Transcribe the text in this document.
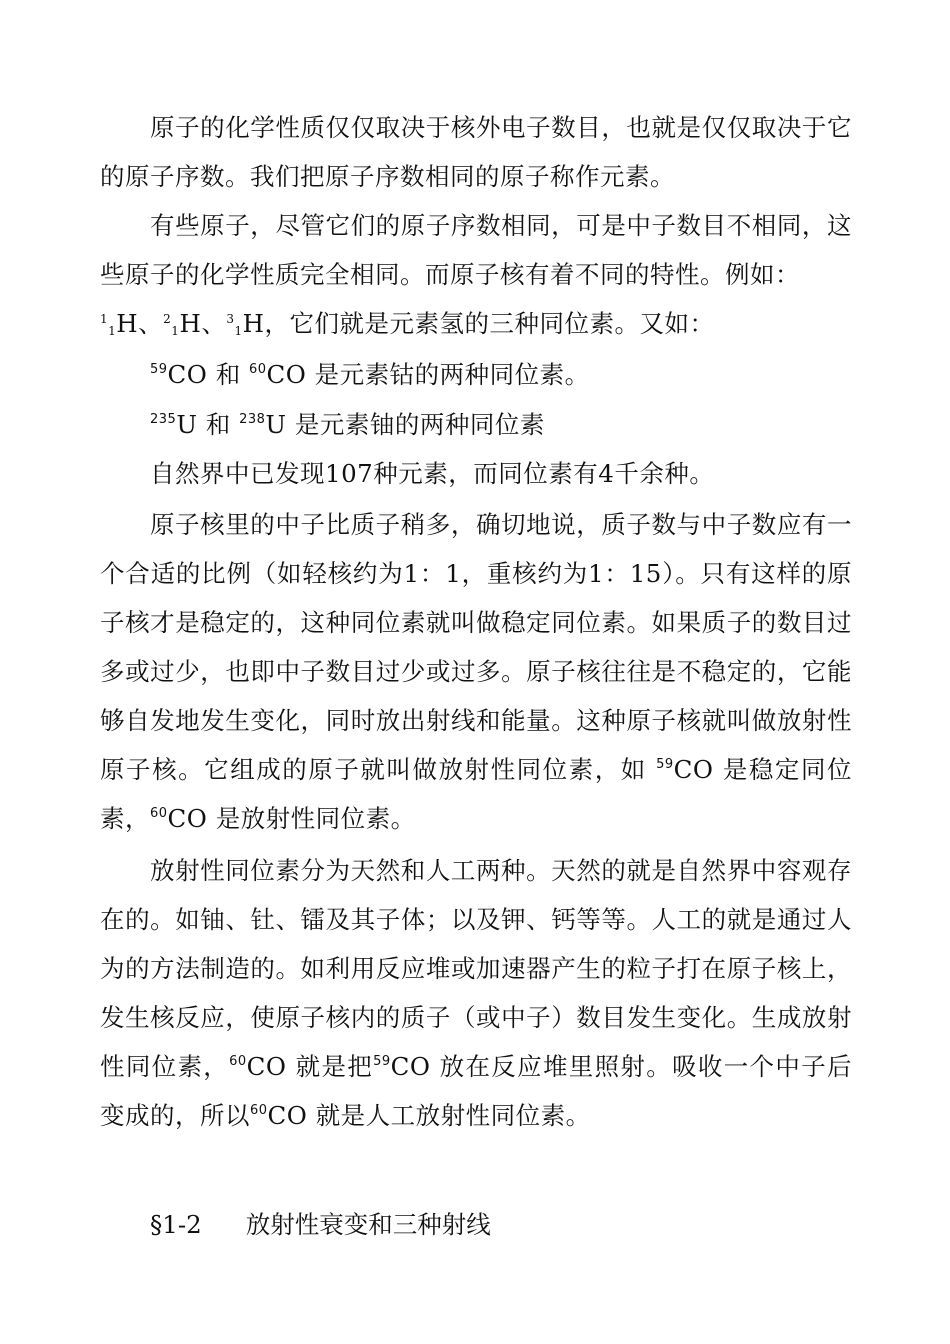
原子的化学性质仅仅取决于核外电子数目，也就是仅仅取决于它的原子序数。我们把原子序数相同的原子称作元素。

有些原子，尽管它们的原子序数相同，可是中子数目不相同，这些原子的化学性质完全相同。而原子核有着不同的特性。例如：

$^1_1$H、$^2_1$H、$^3_1$H，它们就是元素氢的三种同位素。又如：

$^{59}$CO 和 $^{60}$CO 是元素钴的两种同位素。

$^{235}$U 和 $^{238}$U 是元素铀的两种同位素

自然界中已发现107种元素，而同位素有4千余种。

原子核里的中子比质子稍多，确切地说，质子数与中子数应有一个合适的比例（如轻核约为1：1，重核约为1：15）。只有这样的原子核才是稳定的，这种同位素就叫做稳定同位素。如果质子的数目过多或过少，也即中子数目过少或过多。原子核往往是不稳定的，它能够自发地发生变化，同时放出射线和能量。这种原子核就叫做放射性原子核。它组成的原子就叫做放射性同位素，如 $^{59}$CO 是稳定同位素，$^{60}$CO 是放射性同位素。

放射性同位素分为天然和人工两种。天然的就是自然界中容观存在的。如铀、钍、镭及其子体；以及钾、钙等等。人工的就是通过人为的方法制造的。如利用反应堆或加速器产生的粒子打在原子核上，发生核反应，使原子核内的质子（或中子）数目发生变化。生成放射性同位素，$^{60}$CO 就是把$^{59}$CO 放在反应堆里照射。吸收一个中子后变成的，所以$^{60}$CO 就是人工放射性同位素。

§1-2 放射性衰变和三种射线
